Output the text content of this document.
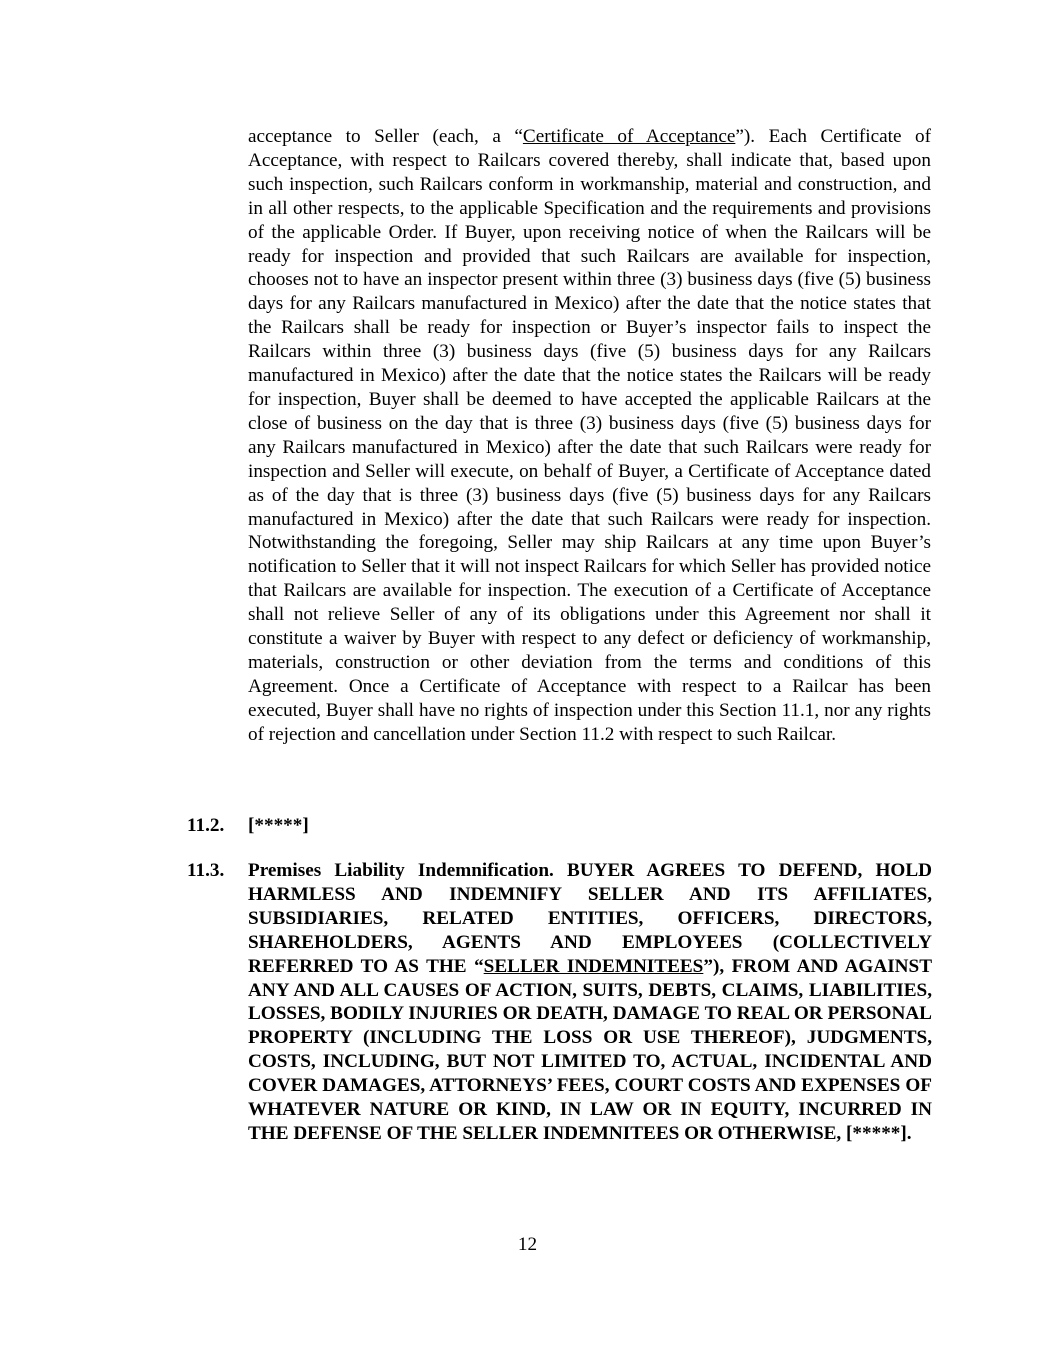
acceptance to Seller (each, a “Certificate of Acceptance”). Each Certificate of Acceptance, with respect to Railcars covered thereby, shall indicate that, based upon such inspection, such Railcars conform in workmanship, material and construction, and in all other respects, to the applicable Specification and the requirements and provisions of the applicable Order. If Buyer, upon receiving notice of when the Railcars will be ready for inspection and provided that such Railcars are available for inspection, chooses not to have an inspector present within three (3) business days (five (5) business days for any Railcars manufactured in Mexico) after the date that the notice states that the Railcars shall be ready for inspection or Buyer’s inspector fails to inspect the Railcars within three (3) business days (five (5) business days for any Railcars manufactured in Mexico) after the date that the notice states the Railcars will be ready for inspection, Buyer shall be deemed to have accepted the applicable Railcars at the close of business on the day that is three (3) business days (five (5) business days for any Railcars manufactured in Mexico) after the date that such Railcars were ready for inspection and Seller will execute, on behalf of Buyer, a Certificate of Acceptance dated as of the day that is three (3) business days (five (5) business days for any Railcars manufactured in Mexico) after the date that such Railcars were ready for inspection. Notwithstanding the foregoing, Seller may ship Railcars at any time upon Buyer’s notification to Seller that it will not inspect Railcars for which Seller has provided notice that Railcars are available for inspection. The execution of a Certificate of Acceptance shall not relieve Seller of any of its obligations under this Agreement nor shall it constitute a waiver by Buyer with respect to any defect or deficiency of workmanship, materials, construction or other deviation from the terms and conditions of this Agreement. Once a Certificate of Acceptance with respect to a Railcar has been executed, Buyer shall have no rights of inspection under this Section 11.1, nor any rights of rejection and cancellation under Section 11.2 with respect to such Railcar.
11.2. [*****]
11.3. Premises Liability Indemnification. BUYER AGREES TO DEFEND, HOLD HARMLESS AND INDEMNIFY SELLER AND ITS AFFILIATES, SUBSIDIARIES, RELATED ENTITIES, OFFICERS, DIRECTORS, SHAREHOLDERS, AGENTS AND EMPLOYEES (COLLECTIVELY REFERRED TO AS THE “SELLER INDEMNITEES”), FROM AND AGAINST ANY AND ALL CAUSES OF ACTION, SUITS, DEBTS, CLAIMS, LIABILITIES, LOSSES, BODILY INJURIES OR DEATH, DAMAGE TO REAL OR PERSONAL PROPERTY (INCLUDING THE LOSS OR USE THEREOF), JUDGMENTS, COSTS, INCLUDING, BUT NOT LIMITED TO, ACTUAL, INCIDENTAL AND COVER DAMAGES, ATTORNEYS’ FEES, COURT COSTS AND EXPENSES OF WHATEVER NATURE OR KIND, IN LAW OR IN EQUITY, INCURRED IN THE DEFENSE OF THE SELLER INDEMNITEES OR OTHERWISE, [*****].
12
